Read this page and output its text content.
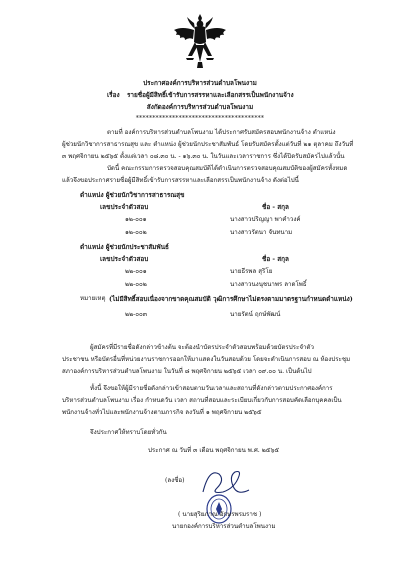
ประกาศองค์การบริหารส่วนตำบลโพนงาม
เรื่อง รายชื่อผู้มีสิทธิ์เข้ารับการสรรหาและเลือกสรรเป็นพนักงานจ้าง
สังกัดองค์การบริหารส่วนตำบลโพนงาม
***************************************
ตามที่ องค์การบริหารส่วนตำบลโพนงาม ได้ประกาศรับสมัครสอบพนักงานจ้าง ตำแหน่ง
ผู้ช่วยนักวิชาการสาธารณสุข และ ตำแหน่ง ผู้ช่วยนักประชาสัมพันธ์ โดยรับสมัครตั้งแต่วันที่ ๒๑ ตุลาคม ถึงวันที่
๓ พฤศจิกายน ๒๕๖๕ ตั้งแต่เวลา ๐๘.๓๐ น. - ๑๖.๓๐ น. ในวันและเวลาราชการ ซึ่งได้ปิดรับสมัครไปแล้วนั้น
บัดนี้ คณะกรรมการตรวจสอบคุณสมบัติได้ดำเนินการตรวจสอบคุณสมบัติของผู้สมัครทั้งหมด
แล้วจึงขอประกาศรายชื่อผู้มีสิทธิ์เข้ารับการสรรหาและเลือกสรรเป็นพนักงานจ้าง ดังต่อไปนี้
ตำแหน่ง ผู้ช่วยนักวิชาการสาธารณสุข
เลขประจำตัวสอบ	ชื่อ - สกุล
๑๒-๐๐๑	นางสาวปริญญา พาคำวงค์
๑๒-๐๐๒	นางสาวรัตนา จันทนาม
ตำแหน่ง ผู้ช่วยนักประชาสัมพันธ์
เลขประจำตัวสอบ	ชื่อ - สกุล
๒๒-๐๐๑	นายธีรพล สุริโย
๒๒-๐๐๒	นางสาวนงนุชนาพร ลาดโพธิ์
หมายเหตุ (ไม่มีสิทธิ์สอบเนื่องจากขาดคุณสมบัติ วุฒิการศึกษาไม่ตรงตามมาตรฐานกำหนดตำแหน่ง)
๒๒-๐๐๓	นายรัตน์ ฤกษ์พัฒน์
ผู้สมัครที่มีรายชื่อดังกล่าวข้างต้น จะต้องนำบัตรประจำตัวสอบพร้อมด้วยบัตรประจำตัว
ประชาชน หรือบัตรอื่นที่หน่วยงานราชการออกให้มาแสดงในวันสอบด้วย โดยจะดำเนินการสอบ ณ ห้องประชุม
สภาองค์การบริหารส่วนตำบลโพนงาม ในวันที่ ๘ พฤศจิกายน ๒๕๖๕ เวลา ๐๙.๐๐ น. เป็นต้นไป
ทั้งนี้ จึงขอให้ผู้มีรายชื่อดังกล่าวเข้าสอบตามวันเวลาและสถานที่ดังกล่าวตามประกาศองค์การ
บริหารส่วนตำบลโพนงาม เรื่อง กำหนดวัน เวลา สถานที่สอบและระเบียบเกี่ยวกับการสอบคัดเลือกบุคคลเป็น
พนักงานจ้างทั่วไปและพนักงานจ้างตามภารกิจ ลงวันที่ ๑ พฤศจิกายน ๒๕๖๕
จึงประกาศให้ทราบโดยทั่วกัน
ประกาศ ณ วันที่ ๓ เดือน พฤศจิกายน พ.ศ. ๒๕๖๕
(ลงชื่อ)
( นายสุริยภาณ อักษรพรมราช )
นายกองค์การบริหารส่วนตำบลโพนงาม
